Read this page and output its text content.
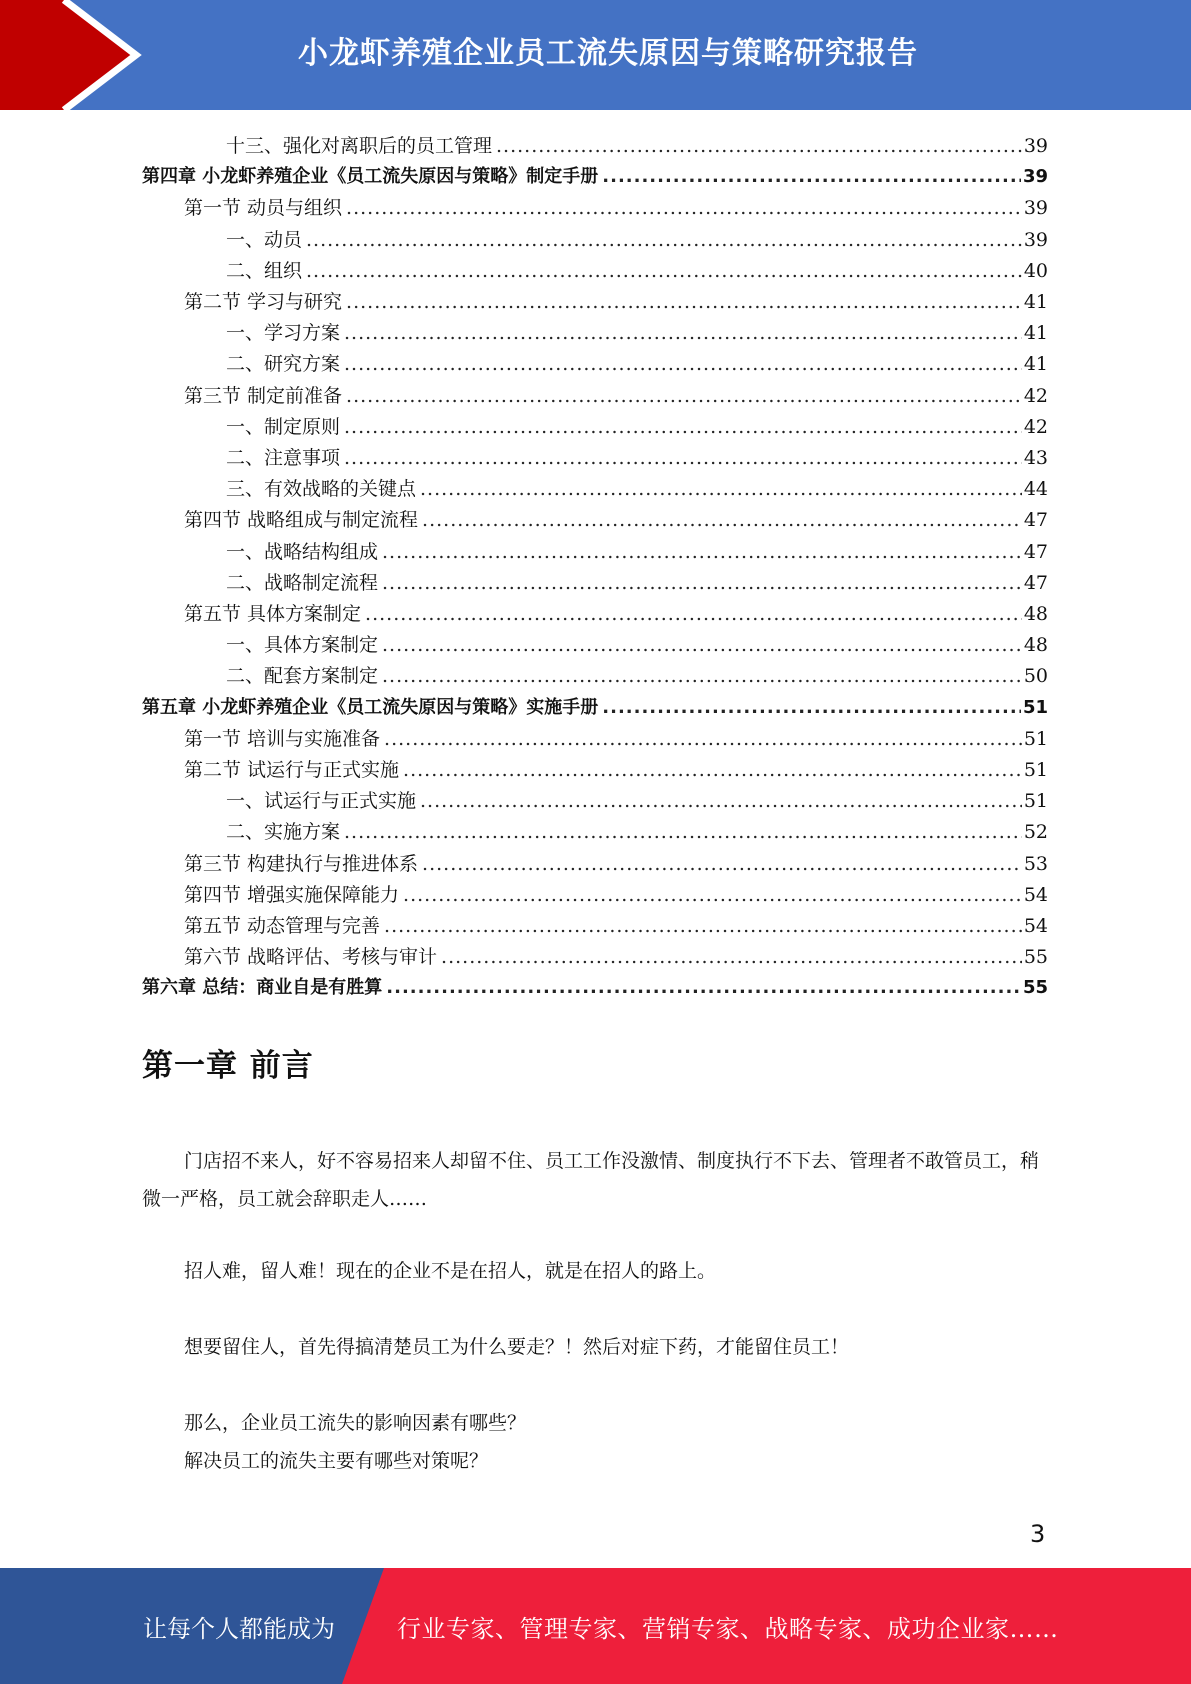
小龙虾养殖企业员工流失原因与策略研究报告
十三、强化对离职后的员工管理 .....	39
第四章 小龙虾养殖企业《员工流失原因与策略》制定手册 .....	39
第一节 动员与组织 .....	39
一、动员 .....	39
二、组织 .....	40
第二节 学习与研究 .....	41
一、学习方案 .....	41
二、研究方案 .....	41
第三节 制定前准备 .....	42
一、制定原则 .....	42
二、注意事项 .....	43
三、有效战略的关键点 .....	44
第四节 战略组成与制定流程 .....	47
一、战略结构组成 .....	47
二、战略制定流程 .....	47
第五节 具体方案制定 .....	48
一、具体方案制定 .....	48
二、配套方案制定 .....	50
第五章 小龙虾养殖企业《员工流失原因与策略》实施手册 .....	51
第一节 培训与实施准备 .....	51
第二节 试运行与正式实施 .....	51
一、试运行与正式实施 .....	51
二、实施方案 .....	52
第三节 构建执行与推进体系 .....	53
第四节 增强实施保障能力 .....	54
第五节 动态管理与完善 .....	54
第六节 战略评估、考核与审计 .....	55
第六章 总结：商业自是有胜算 .....	55
第一章 前言
门店招不来人，好不容易招来人却留不住、员工工作没激情、制度执行不下去、管理者不敢管员工，稍微一严格，员工就会辞职走人……
招人难，留人难！现在的企业不是在招人，就是在招人的路上。
想要留住人，首先得搞清楚员工为什么要走？！然后对症下药，才能留住员工！
那么，企业员工流失的影响因素有哪些？
解决员工的流失主要有哪些对策呢？
3
让每个人都能成为	行业专家、管理专家、营销专家、战略专家、成功企业家……
